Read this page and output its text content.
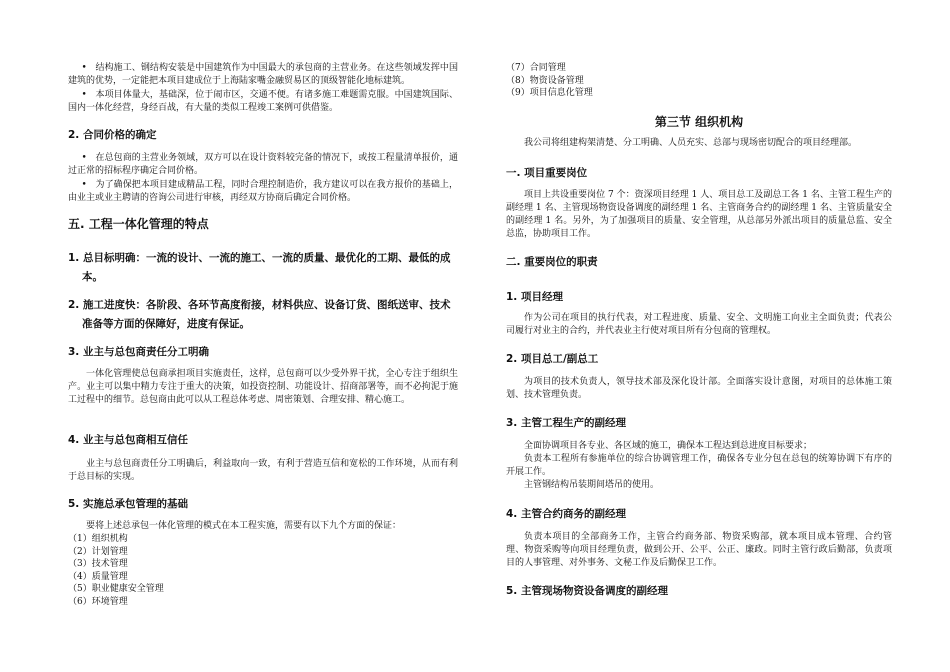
• 结构施工、钢结构安装是中国建筑作为中国最大的承包商的主营业务。在这些领域发挥中国建筑的优势，一定能把本项目建成位于上海陆家嘴金融贸易区的顶级智能化地标建筑。

• 本项目体量大，基础深，位于闹市区，交通不便。有诸多施工难题需克服。中国建筑国际、国内一体化经营，身经百战，有大量的类似工程竣工案例可供借鉴。

2. 合同价格的确定

• 在总包商的主营业务领域，双方可以在设计资料较完备的情况下，或按工程量清单报价，通过正常的招标程序确定合同价格。

• 为了确保把本项目建成精品工程，同时合理控制造价，我方建议可以在我方报价的基础上，由业主或业主聘请的咨询公司进行审核，再经双方协商后确定合同价格。

五. 工程一体化管理的特点

1. 总目标明确：一流的设计、一流的施工、一流的质量、最优化的工期、最低的成本。

2. 施工进度快：各阶段、各环节高度衔接，材料供应、设备订货、图纸送审、技术准备等方面的保障好，进度有保证。

3. 业主与总包商责任分工明确

一体化管理使总包商承担项目实施责任，这样，总包商可以少受外界干扰，全心专注于组织生产。业主可以集中精力专注于重大的决策，如投资控制、功能设计、招商部署等，而不必拘泥于施工过程中的细节。总包商由此可以从工程总体考虑、周密策划、合理安排、精心施工。

4. 业主与总包商相互信任

业主与总包商责任分工明确后，利益取向一致，有利于营造互信和宽松的工作环境，从而有利于总目标的实现。

5. 实施总承包管理的基础

要将上述总承包一体化管理的模式在本工程实施，需要有以下九个方面的保证：

（1）组织机构
（2）计划管理
（3）技术管理
（4）质量管理
（5）职业健康安全管理
（6）环境管理
（7）合同管理
（8）物资设备管理
（9）项目信息化管理
第三节 组织机构

我公司将组建构架清楚、分工明确、人员充实、总部与现场密切配合的项目经理部。

一. 项目重要岗位

项目上共设重要岗位 7 个：资深项目经理 1 人、项目总工及副总工各 1 名、主管工程生产的副经理 1 名、主管现场物资设备调度的副经理 1 名、主管商务合约的副经理 1 名、主管质量安全的副经理 1 名。另外，为了加强项目的质量、安全管理，从总部另外派出项目的质量总监、安全总监，协助项目工作。

二. 重要岗位的职责
1. 项目经理

作为公司在项目的执行代表，对工程进度、质量、安全、文明施工向业主全面负责；代表公司履行对业主的合约，并代表业主行使对项目所有分包商的管理权。

2. 项目总工/副总工

为项目的技术负责人，领导技术部及深化设计部。全面落实设计意图，对项目的总体施工策划、技术管理负责。

3. 主管工程生产的副经理

全面协调项目各专业、各区域的施工，确保本工程达到总进度目标要求；

负责本工程所有参施单位的综合协调管理工作，确保各专业分包在总包的统筹协调下有序的开展工作。

主管钢结构吊装期间塔吊的使用。

4. 主管合约商务的副经理

负责本项目的全部商务工作，主管合约商务部、物资采购部，就本项目成本管理、合约管理、物资采购等向项目经理负责，做到公开、公平、公正、廉政。同时主管行政后勤部，负责项目的人事管理、对外事务、文秘工作及后勤保卫工作。

5. 主管现场物资设备调度的副经理
